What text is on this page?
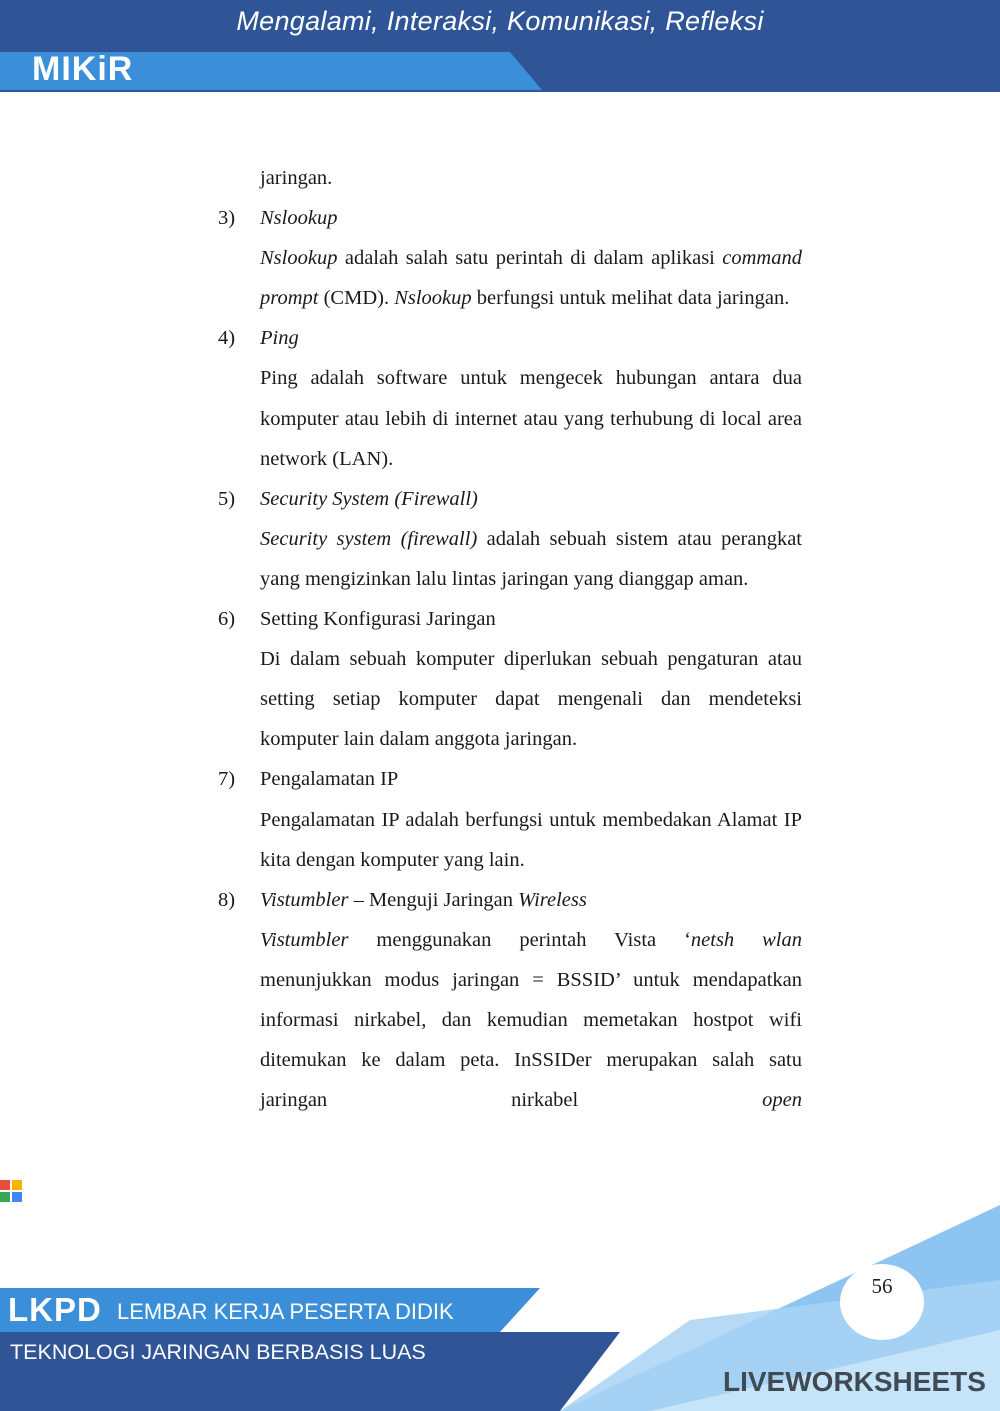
Mengalami, Interaksi, Komunikasi, Refleksi
MIKiR

jaringan.

3) Nslookup

Nslookup adalah salah satu perintah di dalam aplikasi command prompt (CMD). Nslookup berfungsi untuk melihat data jaringan.

4) Ping

Ping adalah software untuk mengecek hubungan antara dua komputer atau lebih di internet atau yang terhubung di local area network (LAN).

5) Security System (Firewall)

Security system (firewall) adalah sebuah sistem atau perangkat yang mengizinkan lalu lintas jaringan yang dianggap aman.

6) Setting Konfigurasi Jaringan

Di dalam sebuah komputer diperlukan sebuah pengaturan atau setting setiap komputer dapat mengenali dan mendeteksi komputer lain dalam anggota jaringan.

7) Pengalamatan IP

Pengalamatan IP adalah berfungsi untuk membedakan Alamat IP kita dengan komputer yang lain.

8) Vistumbler – Menguji Jaringan Wireless

Vistumbler menggunakan perintah Vista ‘netsh wlan menunjukkan modus jaringan = BSSID’ untuk mendapatkan informasi nirkabel, dan kemudian memetakan hostpot wifi ditemukan ke dalam peta. InSSIDer merupakan salah satu jaringan nirkabel open

LKPD LEMBAR KERJA PESERTA DIDIK
TEKNOLOGI JARINGAN BERBASIS LUAS
56
LIVEWORKSHEETS
